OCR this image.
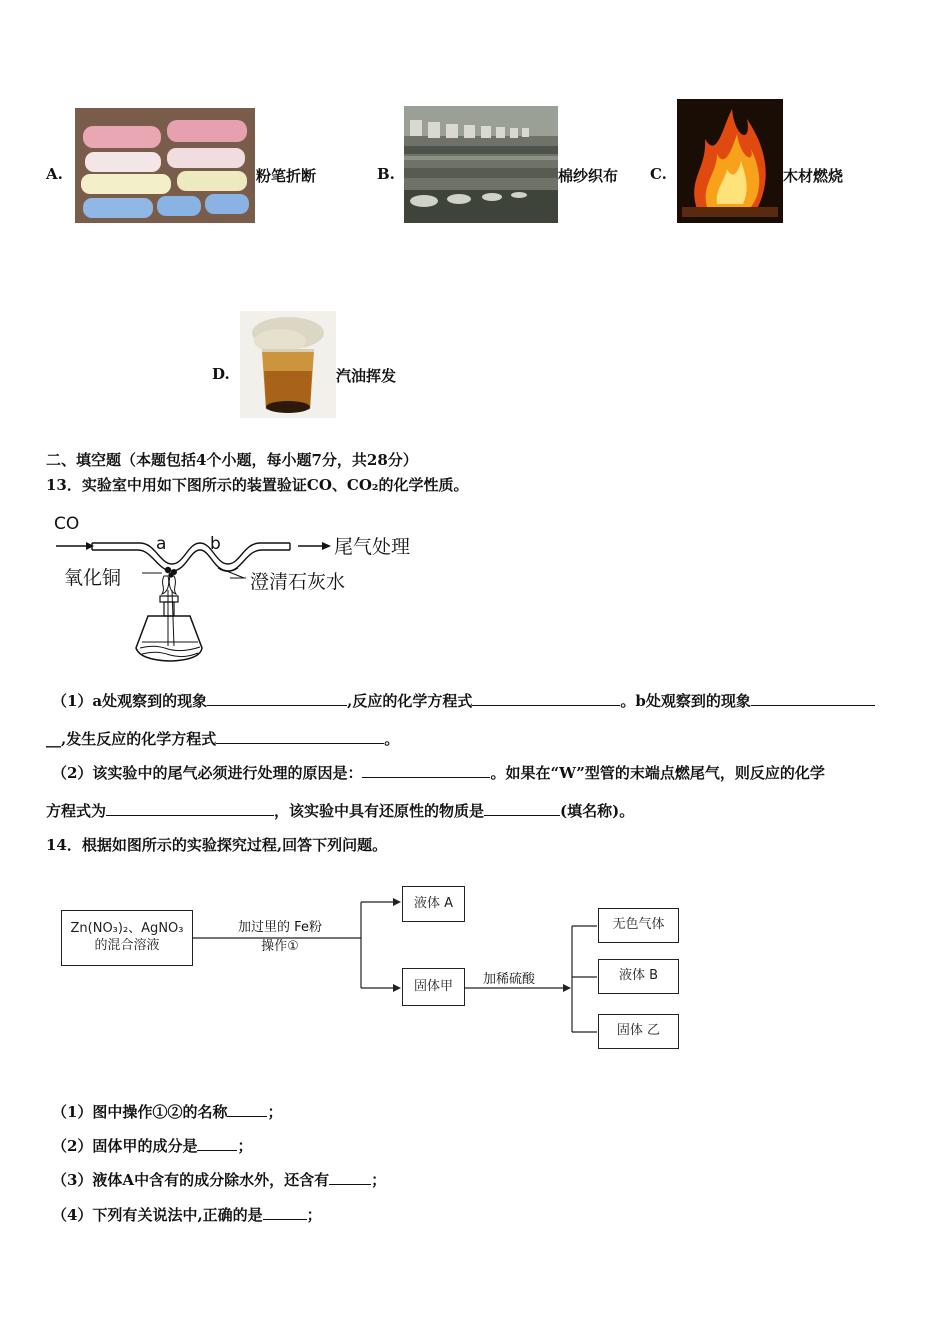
A.	粉笔折断	B.	棉纱织布 C.	木材燃烧
D.	汽油挥发
二、填空题（本题包括4个小题，每小题7分，共28分）
13．实验室中用如下图所示的装置验证CO、CO₂的化学性质。
CO
a	b	尾气处理
氧化铜	澄清石灰水
（1）a处观察到的现象	,反应的化学方程式	。b处观察到的现象
__,发生反应的化学方程式	。
（2）该实验中的尾气必须进行处理的原因是：	。如果在“W”型管的末端点燃尾气，则反应的化学
方程式为	，该实验中具有还原性的物质是	(填名称)。
14．根据如图所示的实验探究过程,回答下列问题。
Zn(NO₃)₂、AgNO₃
的混合溶液
加过里的 Fe粉
操作①
液体 A
固体甲	加稀硫酸
无色气体
液体 B
固体 乙
（1）图中操作①②的名称	；
（2）固体甲的成分是	；
（3）液体A中含有的成分除水外，还含有	；
（4）下列有关说法中,正确的是	；
